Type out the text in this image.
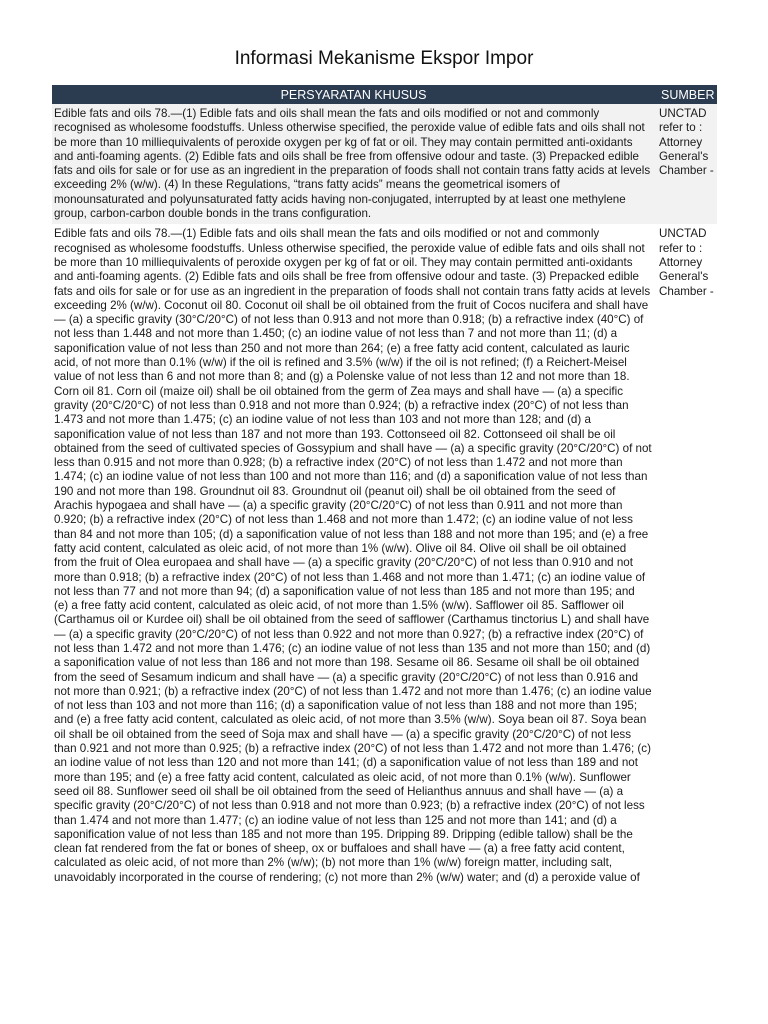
Informasi Mekanisme Ekspor Impor
PERSYARATAN KHUSUS	SUMBER
Edible fats and oils 78.—(1) Edible fats and oils shall mean the fats and oils modified or not and commonly recognised as wholesome foodstuffs. Unless otherwise specified, the peroxide value of edible fats and oils shall not be more than 10 milliequivalents of peroxide oxygen per kg of fat or oil. They may contain permitted anti-oxidants and anti-foaming agents. (2) Edible fats and oils shall be free from offensive odour and taste. (3) Prepacked edible fats and oils for sale or for use as an ingredient in the preparation of foods shall not contain trans fatty acids at levels exceeding 2% (w/w). (4) In these Regulations, “trans fatty acids” means the geometrical isomers of monounsaturated and polyunsaturated fatty acids having non-conjugated, interrupted by at least one methylene group, carbon-carbon double bonds in the trans configuration.	UNCTAD refer to : Attorney General's Chamber -
Edible fats and oils 78.—(1) Edible fats and oils shall mean the fats and oils modified or not and commonly recognised as wholesome foodstuffs. Unless otherwise specified, the peroxide value of edible fats and oils shall not be more than 10 milliequivalents of peroxide oxygen per kg of fat or oil. They may contain permitted anti-oxidants and anti-foaming agents. (2) Edible fats and oils shall be free from offensive odour and taste. (3) Prepacked edible fats and oils for sale or for use as an ingredient in the preparation of foods shall not contain trans fatty acids at levels exceeding 2% (w/w). Coconut oil 80. Coconut oil shall be oil obtained from the fruit of Cocos nucifera and shall have — (a) a specific gravity (30°C/20°C) of not less than 0.913 and not more than 0.918; (b) a refractive index (40°C) of not less than 1.448 and not more than 1.450; (c) an iodine value of not less than 7 and not more than 11; (d) a saponification value of not less than 250 and not more than 264; (e) a free fatty acid content, calculated as lauric acid, of not more than 0.1% (w/w) if the oil is refined and 3.5% (w/w) if the oil is not refined; (f) a Reichert-Meisel value of not less than 6 and not more than 8; and (g) a Polenske value of not less than 12 and not more than 18. Corn oil 81. Corn oil (maize oil) shall be oil obtained from the germ of Zea mays and shall have — (a) a specific gravity (20°C/20°C) of not less than 0.918 and not more than 0.924; (b) a refractive index (20°C) of not less than 1.473 and not more than 1.475; (c) an iodine value of not less than 103 and not more than 128; and (d) a saponification value of not less than 187 and not more than 193. Cottonseed oil 82. Cottonseed oil shall be oil obtained from the seed of cultivated species of Gossypium and shall have — (a) a specific gravity (20°C/20°C) of not less than 0.915 and not more than 0.928; (b) a refractive index (20°C) of not less than 1.472 and not more than 1.474; (c) an iodine value of not less than 100 and not more than 116; and (d) a saponification value of not less than 190 and not more than 198. Groundnut oil 83. Groundnut oil (peanut oil) shall be oil obtained from the seed of Arachis hypogaea and shall have — (a) a specific gravity (20°C/20°C) of not less than 0.911 and not more than 0.920; (b) a refractive index (20°C) of not less than 1.468 and not more than 1.472; (c) an iodine value of not less than 84 and not more than 105; (d) a saponification value of not less than 188 and not more than 195; and (e) a free fatty acid content, calculated as oleic acid, of not more than 1% (w/w). Olive oil 84. Olive oil shall be oil obtained from the fruit of Olea europaea and shall have — (a) a specific gravity (20°C/20°C) of not less than 0.910 and not more than 0.918; (b) a refractive index (20°C) of not less than 1.468 and not more than 1.471; (c) an iodine value of not less than 77 and not more than 94; (d) a saponification value of not less than 185 and not more than 195; and (e) a free fatty acid content, calculated as oleic acid, of not more than 1.5% (w/w). Safflower oil 85. Safflower oil (Carthamus oil or Kurdee oil) shall be oil obtained from the seed of safflower (Carthamus tinctorius L) and shall have — (a) a specific gravity (20°C/20°C) of not less than 0.922 and not more than 0.927; (b) a refractive index (20°C) of not less than 1.472 and not more than 1.476; (c) an iodine value of not less than 135 and not more than 150; and (d) a saponification value of not less than 186 and not more than 198. Sesame oil 86. Sesame oil shall be oil obtained from the seed of Sesamum indicum and shall have — (a) a specific gravity (20°C/20°C) of not less than 0.916 and not more than 0.921; (b) a refractive index (20°C) of not less than 1.472 and not more than 1.476; (c) an iodine value of not less than 103 and not more than 116; (d) a saponification value of not less than 188 and not more than 195; and (e) a free fatty acid content, calculated as oleic acid, of not more than 3.5% (w/w). Soya bean oil 87. Soya bean oil shall be oil obtained from the seed of Soja max and shall have — (a) a specific gravity (20°C/20°C) of not less than 0.921 and not more than 0.925; (b) a refractive index (20°C) of not less than 1.472 and not more than 1.476; (c) an iodine value of not less than 120 and not more than 141; (d) a saponification value of not less than 189 and not more than 195; and (e) a free fatty acid content, calculated as oleic acid, of not more than 0.1% (w/w). Sunflower seed oil 88. Sunflower seed oil shall be oil obtained from the seed of Helianthus annuus and shall have — (a) a specific gravity (20°C/20°C) of not less than 0.918 and not more than 0.923; (b) a refractive index (20°C) of not less than 1.474 and not more than 1.477; (c) an iodine value of not less than 125 and not more than 141; and (d) a saponification value of not less than 185 and not more than 195. Dripping 89. Dripping (edible tallow) shall be the clean fat rendered from the fat or bones of sheep, ox or buffaloes and shall have — (a) a free fatty acid content, calculated as oleic acid, of not more than 2% (w/w); (b) not more than 1% (w/w) foreign matter, including salt, unavoidably incorporated in the course of rendering; (c) not more than 2% (w/w) water; and (d) a peroxide value of	UNCTAD refer to : Attorney General's Chamber -
